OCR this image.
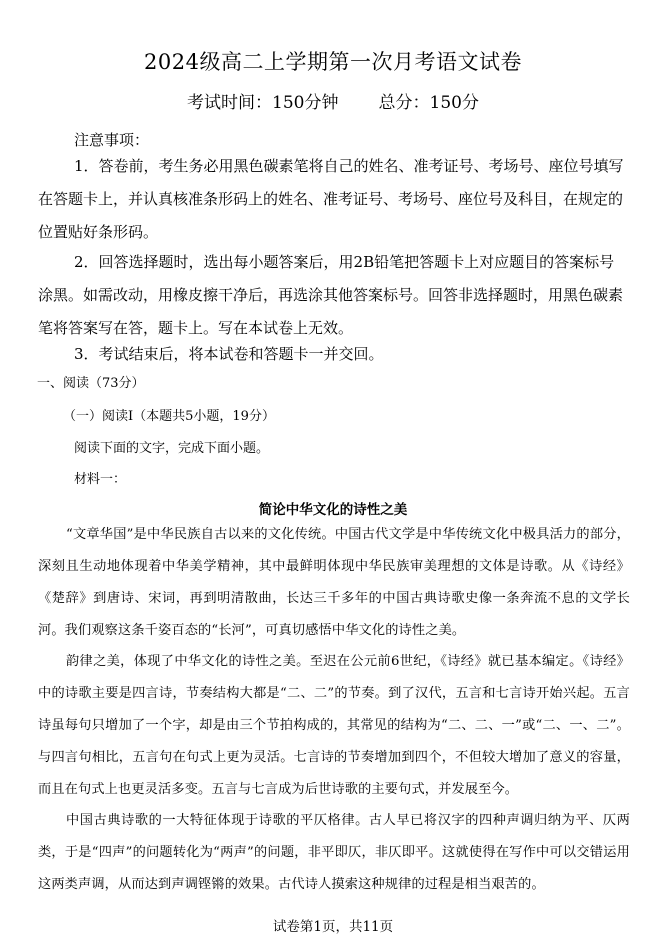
2024级高二上学期第一次月考语文试卷
考试时间：150分钟 总分：150分
注意事项：
1．答卷前，考生务必用黑色碳素笔将自己的姓名、准考证号、考场号、座位号填写在答题卡上，并认真核准条形码上的姓名、准考证号、考场号、座位号及科目，在规定的位置贴好条形码。
2．回答选择题时，选出每小题答案后，用2B铅笔把答题卡上对应题目的答案标号涂黑。如需改动，用橡皮擦干净后，再选涂其他答案标号。回答非选择题时，用黑色碳素笔将答案写在答，题卡上。写在本试卷上无效。
3．考试结束后，将本试卷和答题卡一并交回。
一、阅读（73分）
（一）阅读I（本题共5小题，19分）
阅读下面的文字，完成下面小题。
材料一：
简论中华文化的诗性之美
“文章华国”是中华民族自古以来的文化传统。中国古代文学是中华传统文化中极具活力的部分，深刻且生动地体现着中华美学精神，其中最鲜明体现中华民族审美理想的文体是诗歌。从《诗经》《楚辞》到唐诗、宋词，再到明清散曲，长达三千多年的中国古典诗歌史像一条奔流不息的文学长河。我们观察这条千姿百态的“长河”，可真切感悟中华文化的诗性之美。
韵律之美，体现了中华文化的诗性之美。至迟在公元前6世纪，《诗经》就已基本编定。《诗经》中的诗歌主要是四言诗，节奏结构大都是“二、二”的节奏。到了汉代，五言和七言诗开始兴起。五言诗虽每句只增加了一个字，却是由三个节拍构成的，其常见的结构为“二、二、一”或“二、一、二”。与四言句相比，五言句在句式上更为灵活。七言诗的节奏增加到四个，不但较大增加了意义的容量，而且在句式上也更灵活多变。五言与七言成为后世诗歌的主要句式，并发展至今。
中国古典诗歌的一大特征体现于诗歌的平仄格律。古人早已将汉字的四种声调归纳为平、仄两类，于是“四声”的问题转化为“两声”的问题，非平即仄，非仄即平。这就使得在写作中可以交错运用这两类声调，从而达到声调铿锵的效果。古代诗人摸索这种规律的过程是相当艰苦的。
试卷第1页，共11页
